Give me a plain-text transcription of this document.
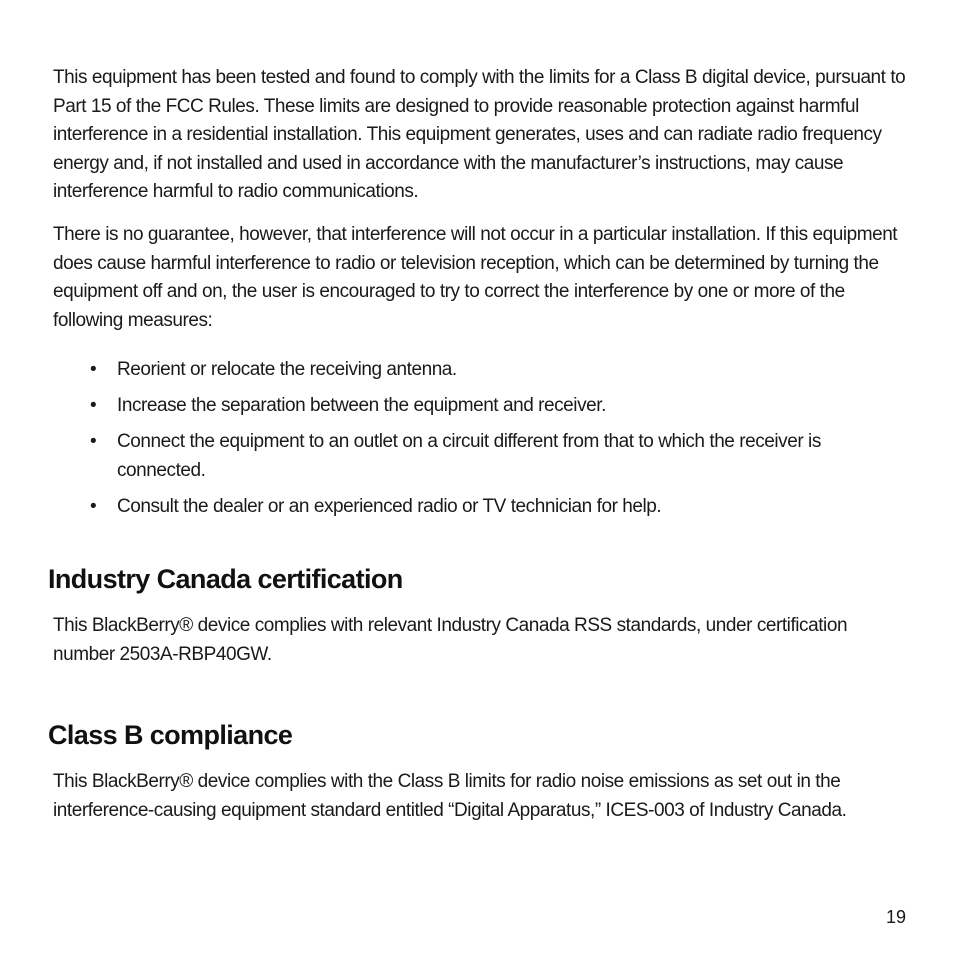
This equipment has been tested and found to comply with the limits for a Class B digital device, pursuant to Part 15 of the FCC Rules. These limits are designed to provide reasonable protection against harmful interference in a residential installation. This equipment generates, uses and can radiate radio frequency energy and, if not installed and used in accordance with the manufacturer’s instructions, may cause interference harmful to radio communications.

There is no guarantee, however, that interference will not occur in a particular installation. If this equipment does cause harmful interference to radio or television reception, which can be determined by turning the equipment off and on, the user is encouraged to try to correct the interference by one or more of the following measures:

• Reorient or relocate the receiving antenna.
• Increase the separation between the equipment and receiver.
• Connect the equipment to an outlet on a circuit different from that to which the receiver is connected.
• Consult the dealer or an experienced radio or TV technician for help.
Industry Canada certification

This BlackBerry® device complies with relevant Industry Canada RSS standards, under certification number 2503A-RBP40GW.

Class B compliance

This BlackBerry® device complies with the Class B limits for radio noise emissions as set out in the interference-causing equipment standard entitled “Digital Apparatus,” ICES-003 of Industry Canada.

19
